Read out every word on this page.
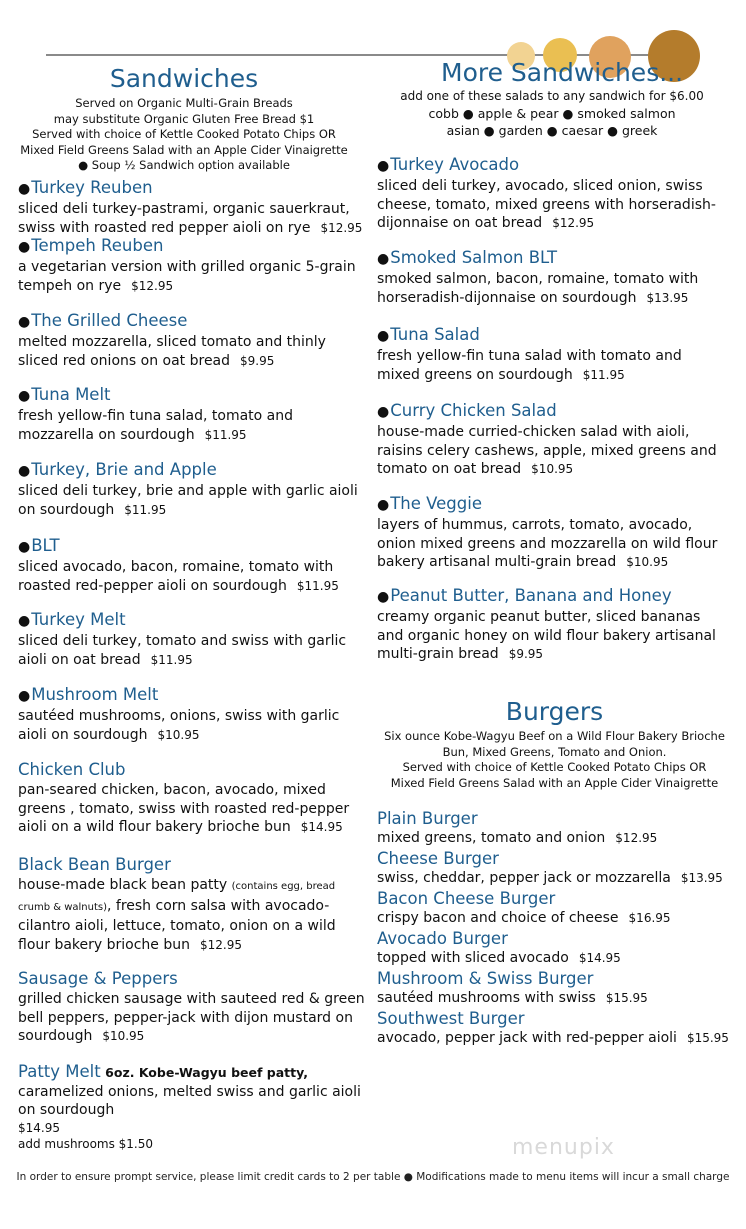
Sandwiches

Served on Organic Multi-Grain Breads

may substitute Organic Gluten Free Bread $1

Served with choice of Kettle Cooked Potato Chips OR

Mixed Field Greens Salad with an Apple Cider Vinaigrette

● Soup ½ Sandwich option available

●Turkey Reuben
sliced deli turkey-pastrami, organic sauerkraut, swiss with roasted red pepper aioli on rye $12.95
●Tempeh Reuben
a vegetarian version with grilled organic 5-grain tempeh on rye $12.95
●The Grilled Cheese
melted mozzarella, sliced tomato and thinly sliced red onions on oat bread $9.95
●Tuna Melt
fresh yellow-fin tuna salad, tomato and mozzarella on sourdough $11.95
●Turkey, Brie and Apple
sliced deli turkey, brie and apple with garlic aioli on sourdough $11.95
●BLT
sliced avocado, bacon, romaine, tomato with roasted red-pepper aioli on sourdough $11.95
●Turkey Melt
sliced deli turkey, tomato and swiss with garlic aioli on oat bread $11.95
●Mushroom Melt
sautéed mushrooms, onions, swiss with garlic aioli on sourdough $10.95
Chicken Club
pan-seared chicken, bacon, avocado, mixed greens , tomato, swiss with roasted red-pepper aioli on a wild flour bakery brioche bun $14.95
Black Bean Burger
house-made black bean patty (contains egg, bread crumb & walnuts), fresh corn salsa with avocado-cilantro aioli, lettuce, tomato, onion on a wild flour bakery brioche bun $12.95
Sausage & Peppers
grilled chicken sausage with sauteed red & green bell peppers, pepper-jack with dijon mustard on sourdough $10.95
Patty Melt 6oz. Kobe-Wagyu beef patty, caramelized onions, melted swiss and garlic aioli on sourdough
$14.95
add mushrooms $1.50
More Sandwiches...

add one of these salads to any sandwich for $6.00

cobb ● apple & pear ● smoked salmon

asian ● garden ● caesar ● greek

●Turkey Avocado
sliced deli turkey, avocado, sliced onion, swiss cheese, tomato, mixed greens with horseradish-dijonnaise on oat bread $12.95
●Smoked Salmon BLT
smoked salmon, bacon, romaine, tomato with horseradish-dijonnaise on sourdough $13.95
●Tuna Salad
fresh yellow-fin tuna salad with tomato and mixed greens on sourdough $11.95
●Curry Chicken Salad
house-made curried-chicken salad with aioli, raisins celery cashews, apple, mixed greens and tomato on oat bread $10.95
●The Veggie
layers of hummus, carrots, tomato, avocado, onion mixed greens and mozzarella on wild flour bakery artisanal multi-grain bread $10.95
●Peanut Butter, Banana and Honey
creamy organic peanut butter, sliced bananas and organic honey on wild flour bakery artisanal multi-grain bread $9.95
Burgers

Six ounce Kobe-Wagyu Beef on a Wild Flour Bakery Brioche

Bun, Mixed Greens, Tomato and Onion.

Served with choice of Kettle Cooked Potato Chips OR

Mixed Field Greens Salad with an Apple Cider Vinaigrette

Plain Burger
mixed greens, tomato and onion $12.95
Cheese Burger
swiss, cheddar, pepper jack or mozzarella $13.95
Bacon Cheese Burger
crispy bacon and choice of cheese $16.95
Avocado Burger
topped with sliced avocado $14.95
Mushroom & Swiss Burger
sautéed mushrooms with swiss $15.95
Southwest Burger
avocado, pepper jack with red-pepper aioli $15.95
menupix
In order to ensure prompt service, please limit credit cards to 2 per table ● Modifications made to menu items will incur a small charge
